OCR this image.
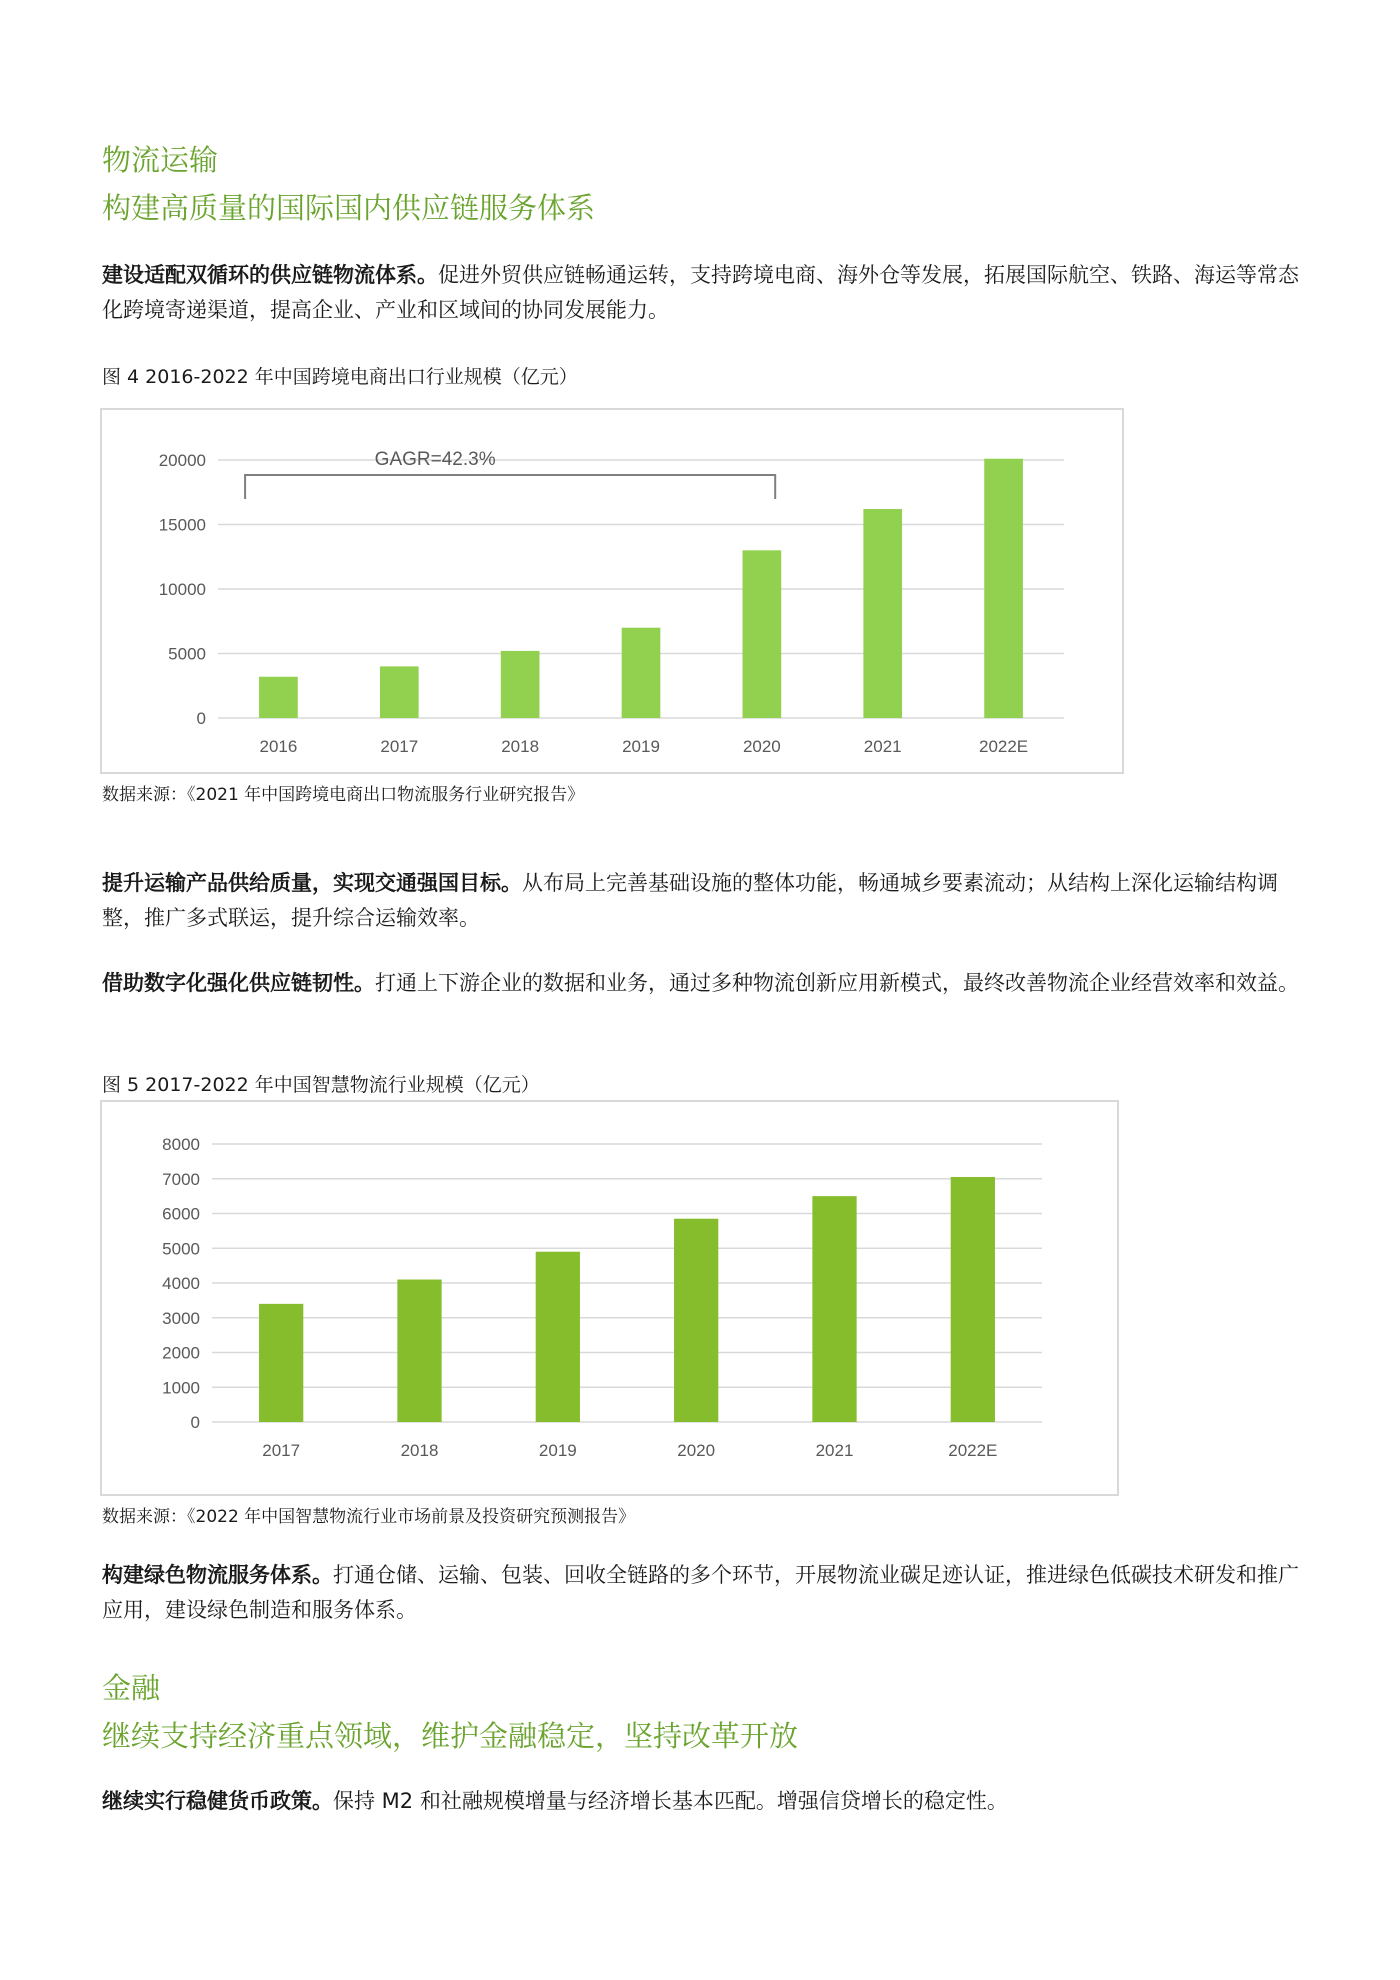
物流运输
构建高质量的国际国内供应链服务体系

建设适配双循环的供应链物流体系。促进外贸供应链畅通运转，支持跨境电商、海外仓等发展，拓展国际航空、铁路、海运等常态化跨境寄递渠道，提高企业、产业和区域间的协同发展能力。

图 4 2016-2022 年中国跨境电商出口行业规模（亿元）

0
5000
10000
15000
20000
2016	2017	2018	2019	2020	2021	2022E
GAGR=42.3%

数据来源：《2021 年中国跨境电商出口物流服务行业研究报告》

提升运输产品供给质量，实现交通强国目标。从布局上完善基础设施的整体功能，畅通城乡要素流动；从结构上深化运输结构调整，推广多式联运，提升综合运输效率。

借助数字化强化供应链韧性。打通上下游企业的数据和业务，通过多种物流创新应用新模式，最终改善物流企业经营效率和效益。

图 5 2017-2022 年中国智慧物流行业规模（亿元）

0
1000
2000
3000
4000
5000
6000
7000
8000
2017	2018	2019	2020	2021	2022E

数据来源：《2022 年中国智慧物流行业市场前景及投资研究预测报告》

构建绿色物流服务体系。打通仓储、运输、包装、回收全链路的多个环节，开展物流业碳足迹认证，推进绿色低碳技术研发和推广应用，建设绿色制造和服务体系。

金融
继续支持经济重点领域，维护金融稳定，坚持改革开放

继续实行稳健货币政策。保持 M2 和社融规模增量与经济增长基本匹配。增强信贷增长的稳定性。
